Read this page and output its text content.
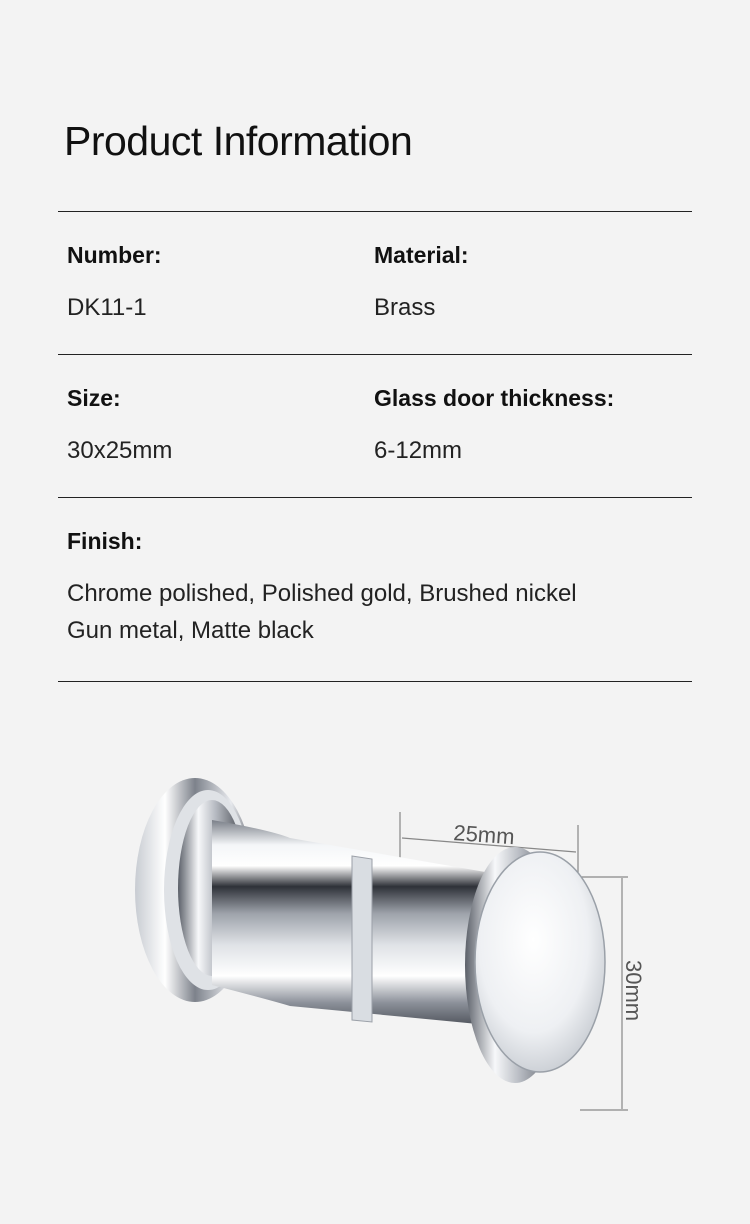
Product Information
Number:	Material:
DK11-1	Brass
Size:	Glass door thickness:
30x25mm	6-12mm
Finish:
Chrome polished, Polished gold, Brushed nickel
Gun metal, Matte black
25mm
30mm
